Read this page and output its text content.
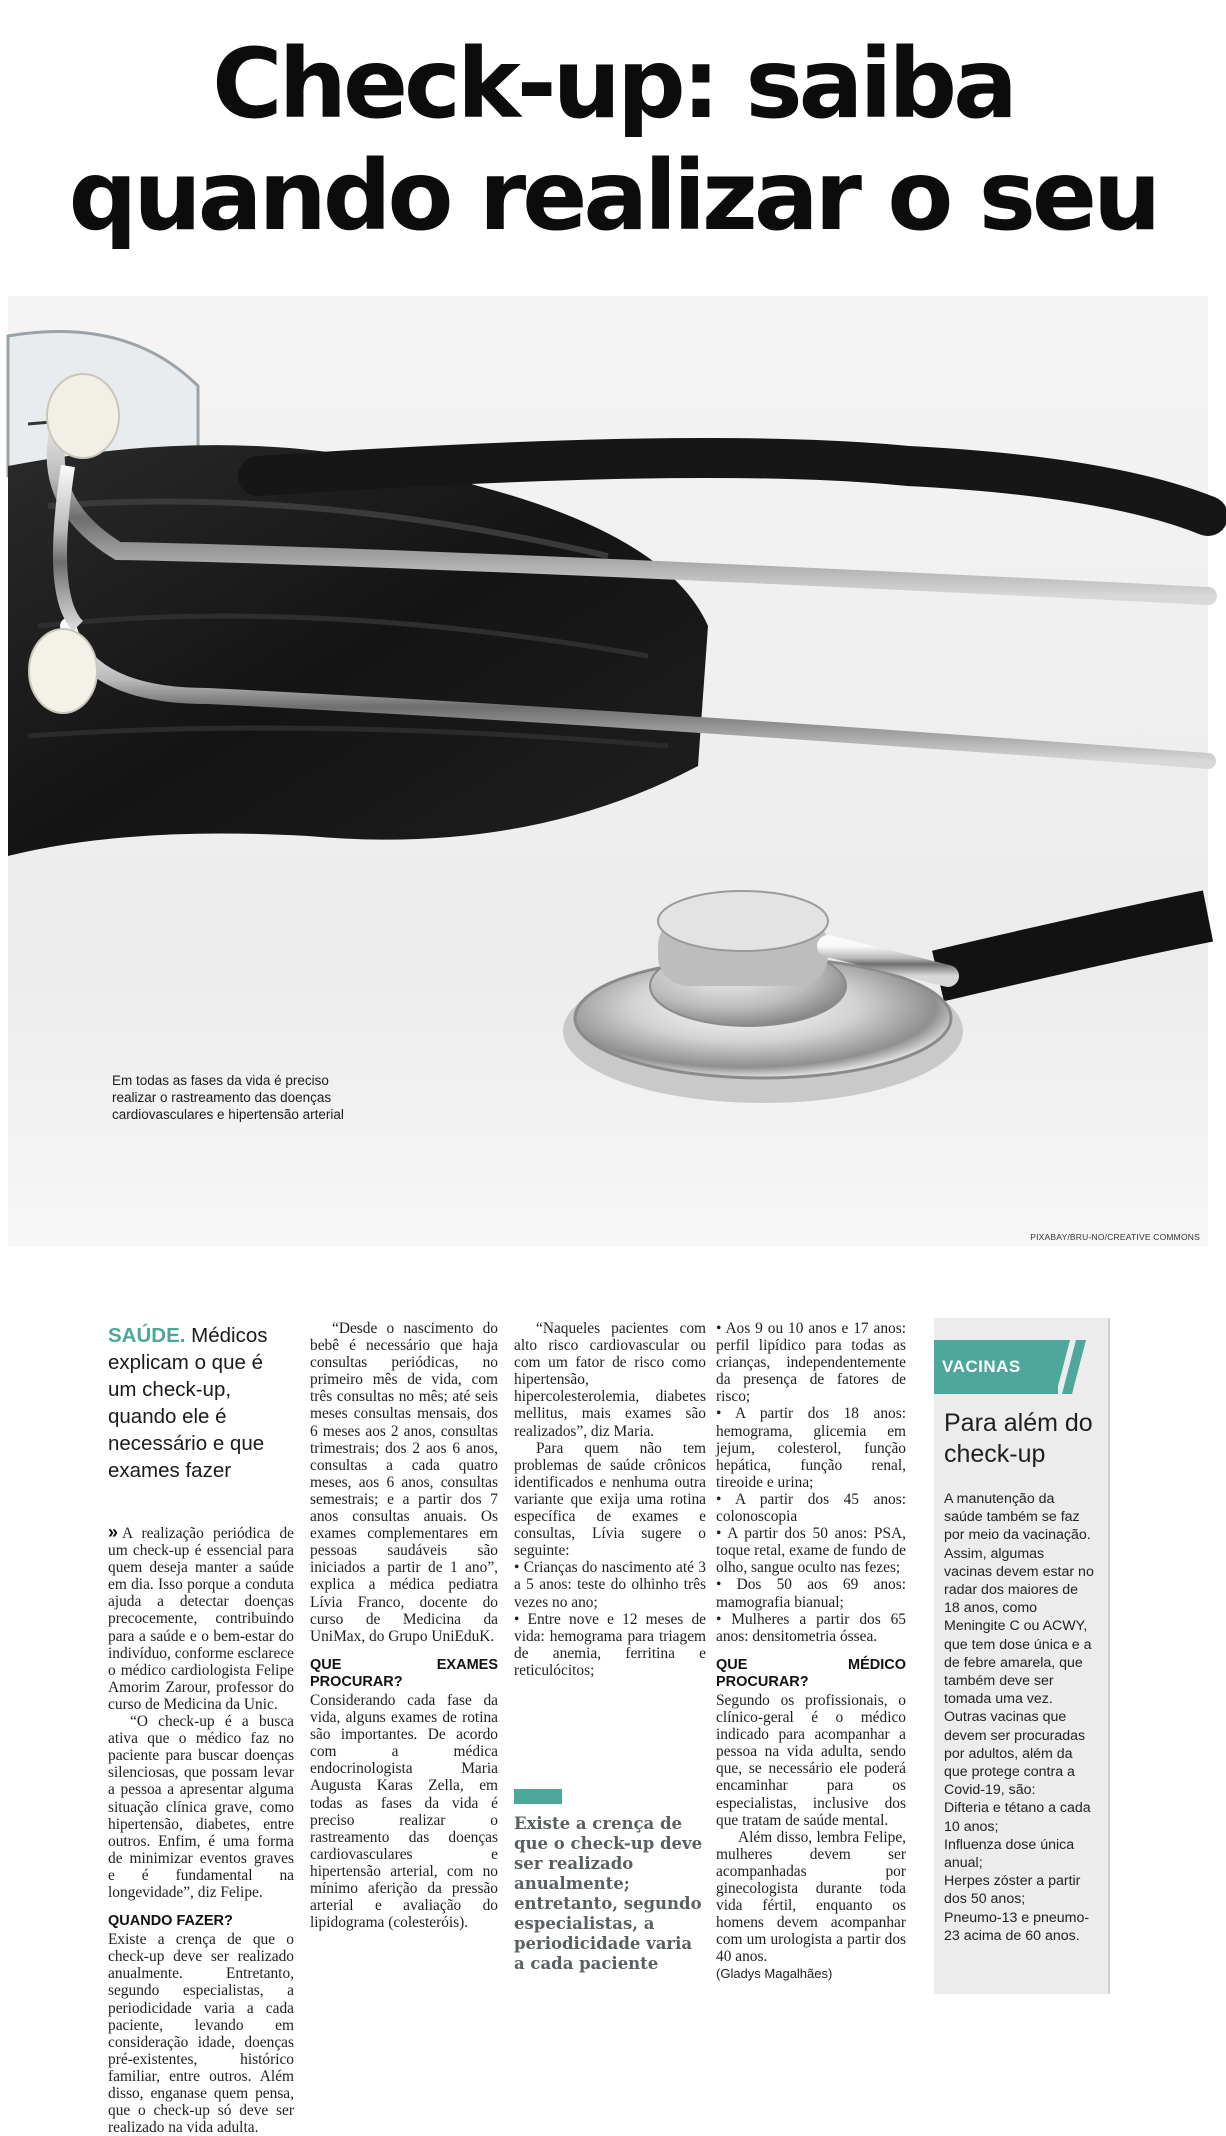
Check-up: saiba
quando realizar o seu
Em todas as fases da vida é preciso realizar o rastreamento das doenças cardiovasculares e hipertensão arterial
PIXABAY/BRU-NO/CREATIVE COMMONS
SAÚDE. Médicos explicam o que é um check-up, quando ele é necessário e que exames fazer

» A realização periódica de um check-up é essencial para quem deseja manter a saúde em dia. Isso porque a conduta ajuda a detectar doenças precocemente, contribuindo para a saúde e o bem-estar do indivíduo, conforme esclarece o médico cardiologista Felipe Amorim Zarour, professor do curso de Medicina da Unic.

“O check-up é a busca ativa que o médico faz no paciente para buscar doenças silenciosas, que possam levar a pessoa a apresentar alguma situação clínica grave, como hipertensão, diabetes, entre outros. Enfim, é uma forma de minimizar eventos graves e é fundamental na longevidade”, diz Felipe.

QUANDO FAZER?

Existe a crença de que o check-up deve ser realizado anualmente. Entretanto, segundo especialistas, a periodicidade varia a cada paciente, levando em consideração idade, doenças pré-existentes, histórico familiar, entre outros. Além disso, enganase quem pensa, que o check-up só deve ser realizado na vida adulta.

“Desde o nascimento do bebê é necessário que haja consultas periódicas, no primeiro mês de vida, com três consultas no mês; até seis meses consultas mensais, dos 6 meses aos 2 anos, consultas trimestrais; dos 2 aos 6 anos, consultas a cada quatro meses, aos 6 anos, consultas semestrais; e a partir dos 7 anos consultas anuais. Os exames complementares em pessoas saudáveis são iniciados a partir de 1 ano”, explica a médica pediatra Lívia Franco, docente do curso de Medicina da UniMax, do Grupo UniEduK.

QUE EXAMES PROCURAR?

Considerando cada fase da vida, alguns exames de rotina são importantes. De acordo com a médica endocrinologista Maria Augusta Karas Zella, em todas as fases da vida é preciso realizar o rastreamento das doenças cardiovasculares e hipertensão arterial, com no mínimo aferição da pressão arterial e avaliação do lipidograma (colesteróis).

“Naqueles pacientes com alto risco cardiovascular ou com um fator de risco como hipertensão, hipercolesterolemia, diabetes mellitus, mais exames são realizados”, diz Maria.

Para quem não tem problemas de saúde crônicos identificados e nenhuma outra variante que exija uma rotina específica de exames e consultas, Lívia sugere o seguinte:

• Crianças do nascimento até 3 a 5 anos: teste do olhinho três vezes no ano;

• Entre nove e 12 meses de vida: hemograma para triagem de anemia, ferritina e reticulócitos;

Existe a crença de que o check-up deve ser realizado anualmente; entretanto, segundo especialistas, a periodicidade varia a cada paciente

• Aos 9 ou 10 anos e 17 anos: perfil lipídico para todas as crianças, independentemente da presença de fatores de risco;

• A partir dos 18 anos: hemograma, glicemia em jejum, colesterol, função hepática, função renal, tireoide e urina;

• A partir dos 45 anos: colonoscopia

• A partir dos 50 anos: PSA, toque retal, exame de fundo de olho, sangue oculto nas fezes;

• Dos 50 aos 69 anos: mamografia bianual;

• Mulheres a partir dos 65 anos: densitometria óssea.

QUE MÉDICO PROCURAR?

Segundo os profissionais, o clínico-geral é o médico indicado para acompanhar a pessoa na vida adulta, sendo que, se necessário ele poderá encaminhar para os especialistas, inclusive dos que tratam de saúde mental.

Além disso, lembra Felipe, mulheres devem ser acompanhadas por ginecologista durante toda vida fértil, enquanto os homens devem acompanhar com um urologista a partir dos 40 anos.

(Gladys Magalhães)

VACINAS
Para além do check-up
A manutenção da saúde também se faz por meio da vacinação. Assim, algumas vacinas devem estar no radar dos maiores de 18 anos, como Meningite C ou ACWY, que tem dose única e a de febre amarela, que também deve ser tomada uma vez. Outras vacinas que devem ser procuradas por adultos, além da que protege contra a Covid-19, são:
Difteria e tétano a cada 10 anos;
Influenza dose única anual;
Herpes zóster a partir dos 50 anos;
Pneumo-13 e pneumo-23 acima de 60 anos.
